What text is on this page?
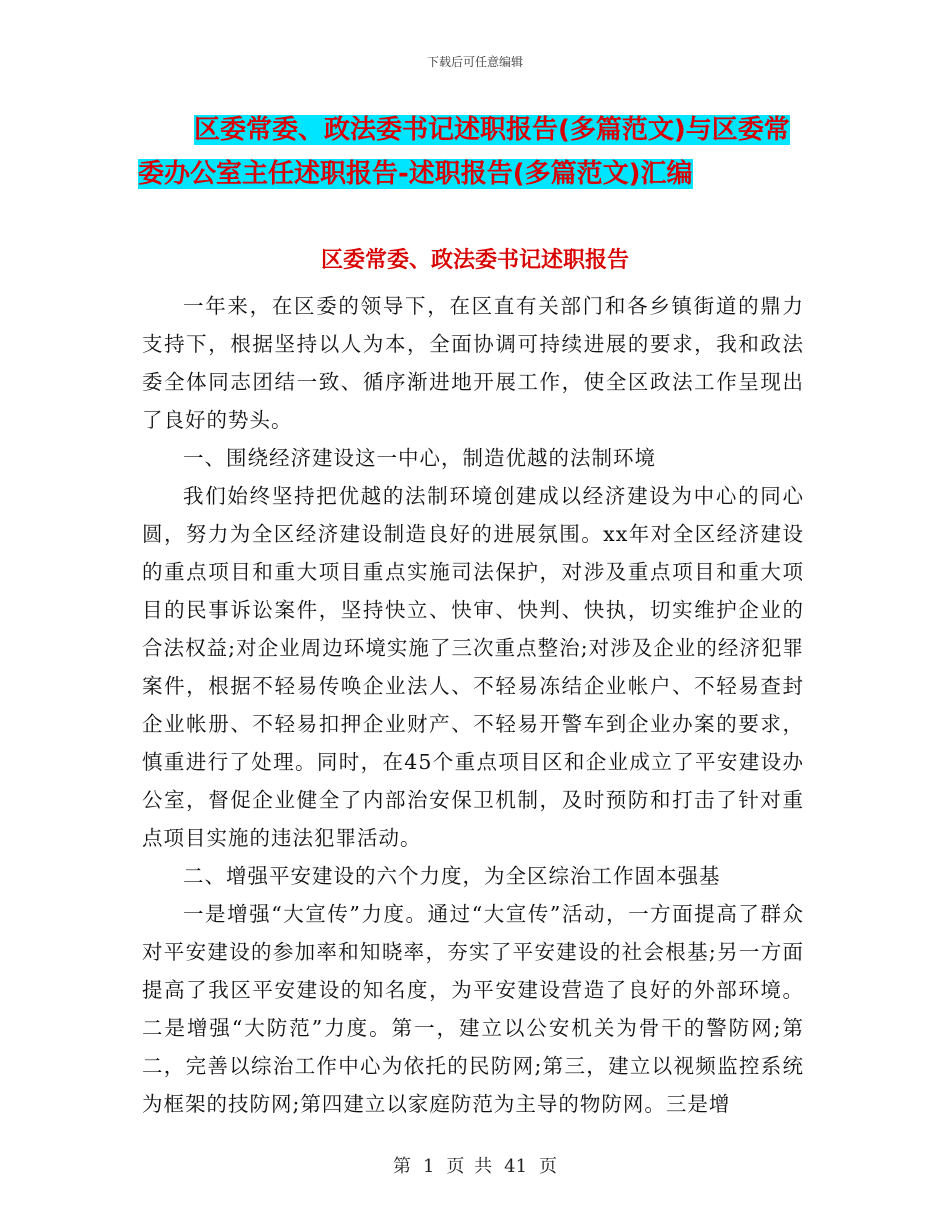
下载后可任意编辑
区委常委、政法委书记述职报告(多篇范文)与区委常
委办公室主任述职报告-述职报告(多篇范文)汇编
区委常委、政法委书记述职报告

一年来，在区委的领导下，在区直有关部门和各乡镇街道的鼎力支持下，根据坚持以人为本，全面协调可持续进展的要求，我和政法委全体同志团结一致、循序渐进地开展工作，使全区政法工作呈现出了良好的势头。

一、围绕经济建设这一中心，制造优越的法制环境

我们始终坚持把优越的法制环境创建成以经济建设为中心的同心圆，努力为全区经济建设制造良好的进展氛围。xx年对全区经济建设的重点项目和重大项目重点实施司法保护，对涉及重点项目和重大项目的民事诉讼案件，坚持快立、快审、快判、快执，切实维护企业的合法权益;对企业周边环境实施了三次重点整治;对涉及企业的经济犯罪案件，根据不轻易传唤企业法人、不轻易冻结企业帐户、不轻易查封企业帐册、不轻易扣押企业财产、不轻易开警车到企业办案的要求，慎重进行了处理。同时，在45个重点项目区和企业成立了平安建设办公室，督促企业健全了内部治安保卫机制，及时预防和打击了针对重点项目实施的违法犯罪活动。

二、增强平安建设的六个力度，为全区综治工作固本强基

一是增强“大宣传”力度。通过“大宣传”活动，一方面提高了群众对平安建设的参加率和知晓率，夯实了平安建设的社会根基;另一方面提高了我区平安建设的知名度，为平安建设营造了良好的外部环境。二是增强“大防范”力度。第一，建立以公安机关为骨干的警防网;第二，完善以综治工作中心为依托的民防网;第三，建立以视频监控系统为框架的技防网;第四建立以家庭防范为主导的物防网。三是增

第 1 页 共 41 页
